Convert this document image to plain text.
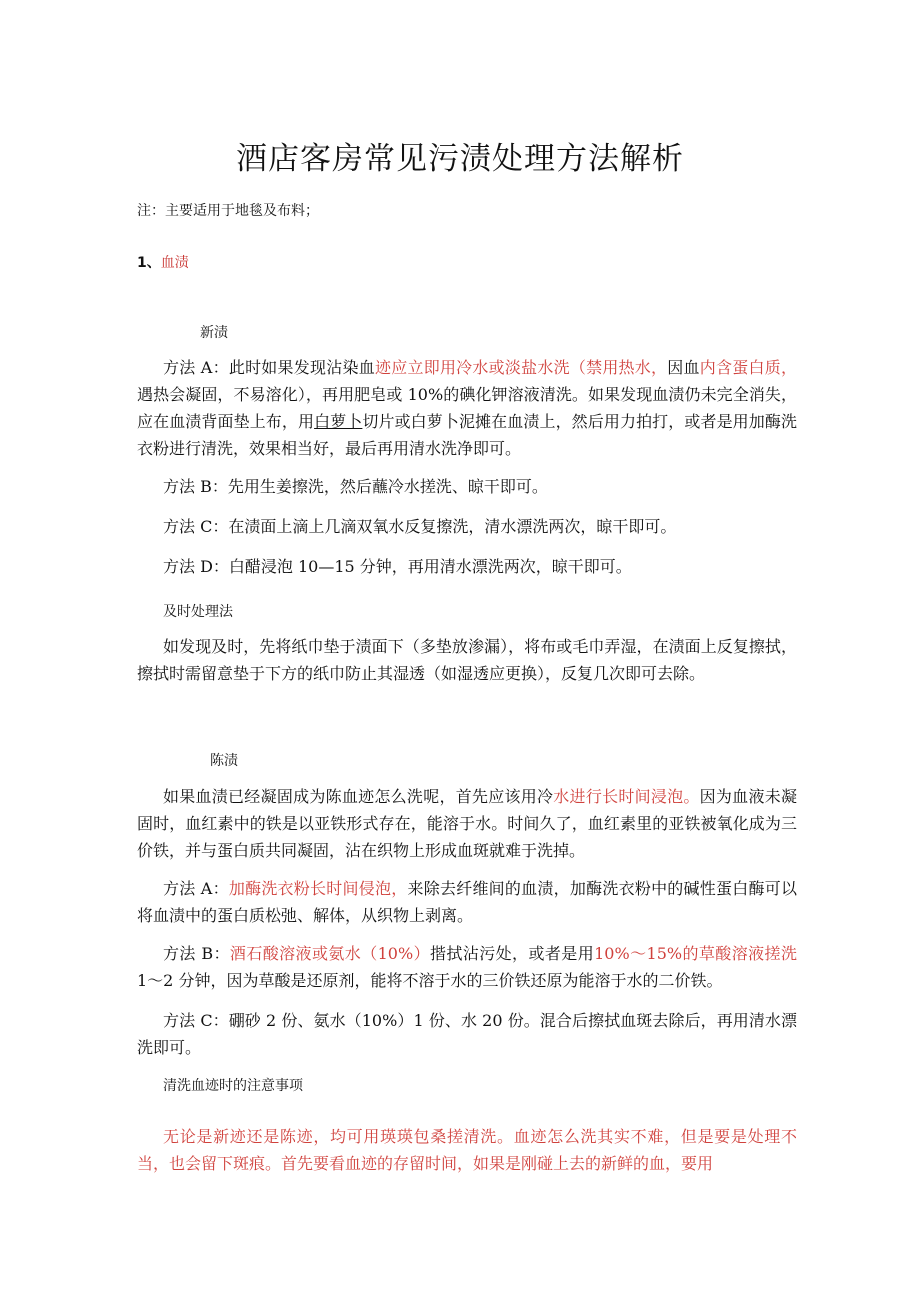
酒店客房常见污渍处理方法解析
注：主要适用于地毯及布料；
1、血渍
新渍

方法 A：此时如果发现沾染血迹应立即用冷水或淡盐水洗（禁用热水，因血内含蛋白质，遇热会凝固，不易溶化），再用肥皂或 10%的碘化钾溶液清洗。如果发现血渍仍未完全消失，应在血渍背面垫上布，用白萝卜切片或白萝卜泥摊在血渍上，然后用力拍打，或者是用加酶洗衣粉进行清洗，效果相当好，最后再用清水洗净即可。

方法 B：先用生姜擦洗，然后蘸冷水搓洗、晾干即可。

方法 C：在渍面上滴上几滴双氧水反复擦洗，清水漂洗两次，晾干即可。

方法 D：白醋浸泡 10—15 分钟，再用清水漂洗两次，晾干即可。

及时处理法

如发现及时，先将纸巾垫于渍面下（多垫放渗漏），将布或毛巾弄湿，在渍面上反复擦拭，擦拭时需留意垫于下方的纸巾防止其湿透（如湿透应更换），反复几次即可去除。

陈渍

如果血渍已经凝固成为陈血迹怎么洗呢，首先应该用冷水进行长时间浸泡。因为血液未凝固时，血红素中的铁是以亚铁形式存在，能溶于水。时间久了，血红素里的亚铁被氧化成为三价铁，并与蛋白质共同凝固，沾在织物上形成血斑就难于洗掉。

方法 A：加酶洗衣粉长时间侵泡，来除去纤维间的血渍，加酶洗衣粉中的碱性蛋白酶可以将血渍中的蛋白质松弛、解体，从织物上剥离。

方法 B：酒石酸溶液或氨水（10%）揩拭沾污处，或者是用10%～15%的草酸溶液搓洗 1～2 分钟，因为草酸是还原剂，能将不溶于水的三价铁还原为能溶于水的二价铁。

方法 C：硼砂 2 份、氨水（10%）1 份、水 20 份。混合后擦拭血斑去除后，再用清水漂洗即可。

清洗血迹时的注意事项

无论是新迹还是陈迹，均可用瑛瑛包桑搓清洗。血迹怎么洗其实不难，但是要是处理不当，也会留下斑痕。首先要看血迹的存留时间，如果是刚碰上去的新鲜的血，要用
